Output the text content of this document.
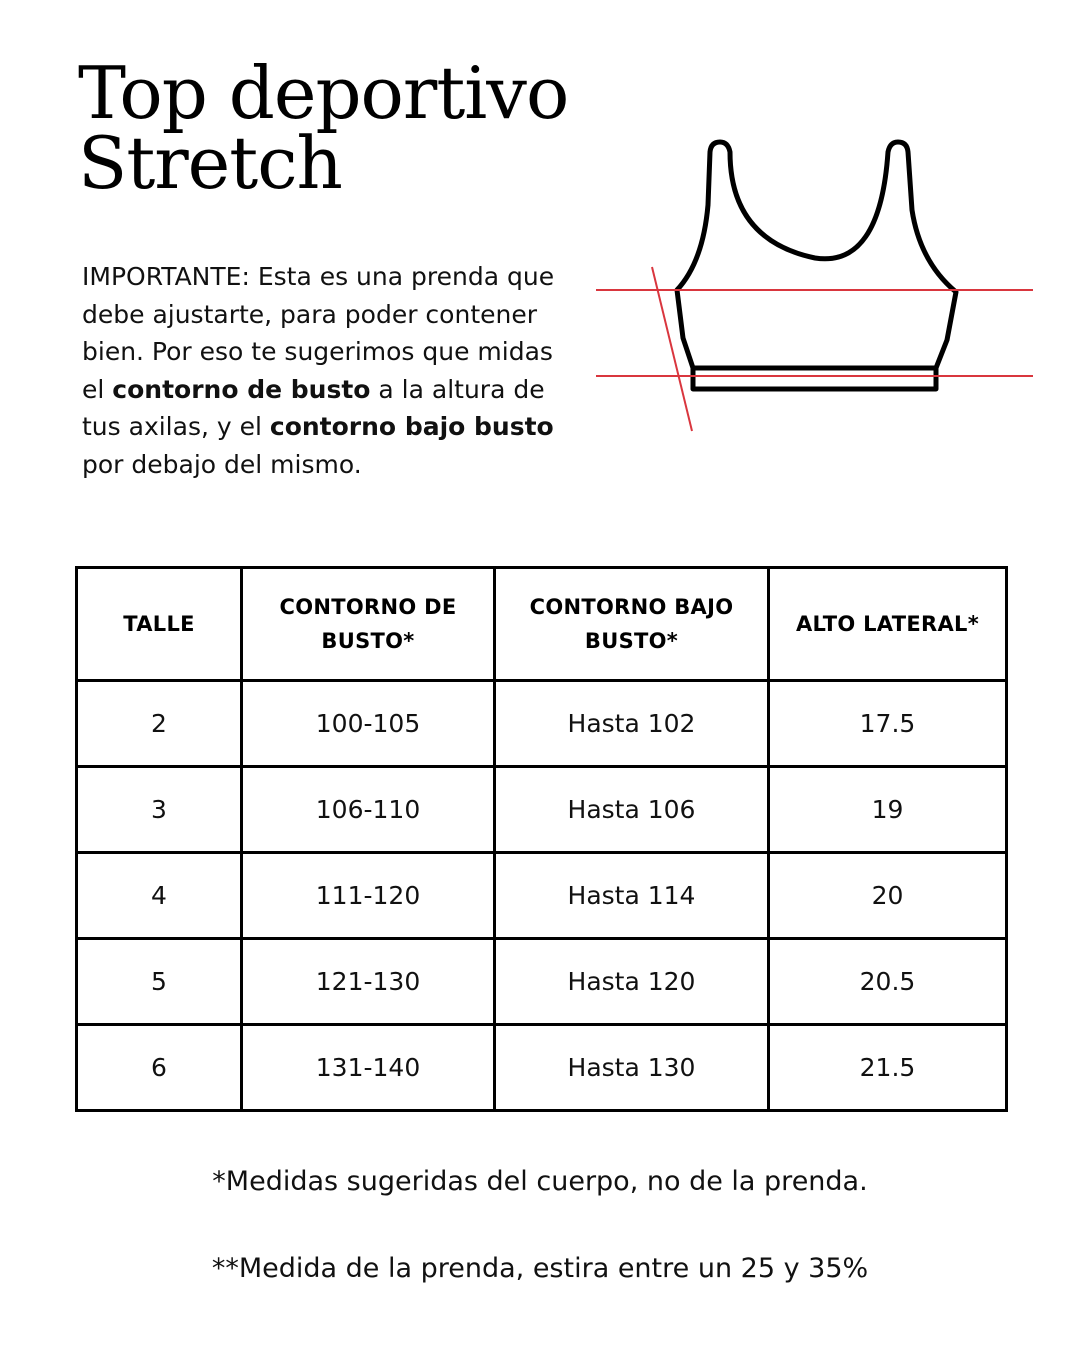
Top deportivo
Stretch

IMPORTANTE: Esta es una prenda que debe ajustarte, para poder contener bien. Por eso te sugerimos que midas el contorno de busto a la altura de tus axilas, y el contorno bajo busto por debajo del mismo.

TALLE	CONTORNO DE BUSTO*	CONTORNO BAJO BUSTO*	ALTO LATERAL*
2	100-105	Hasta 102	17.5
3	106-110	Hasta 106	19
4	111-120	Hasta 114	20
5	121-130	Hasta 120	20.5
6	131-140	Hasta 130	21.5

*Medidas sugeridas del cuerpo, no de la prenda.

**Medida de la prenda, estira entre un 25 y 35%
